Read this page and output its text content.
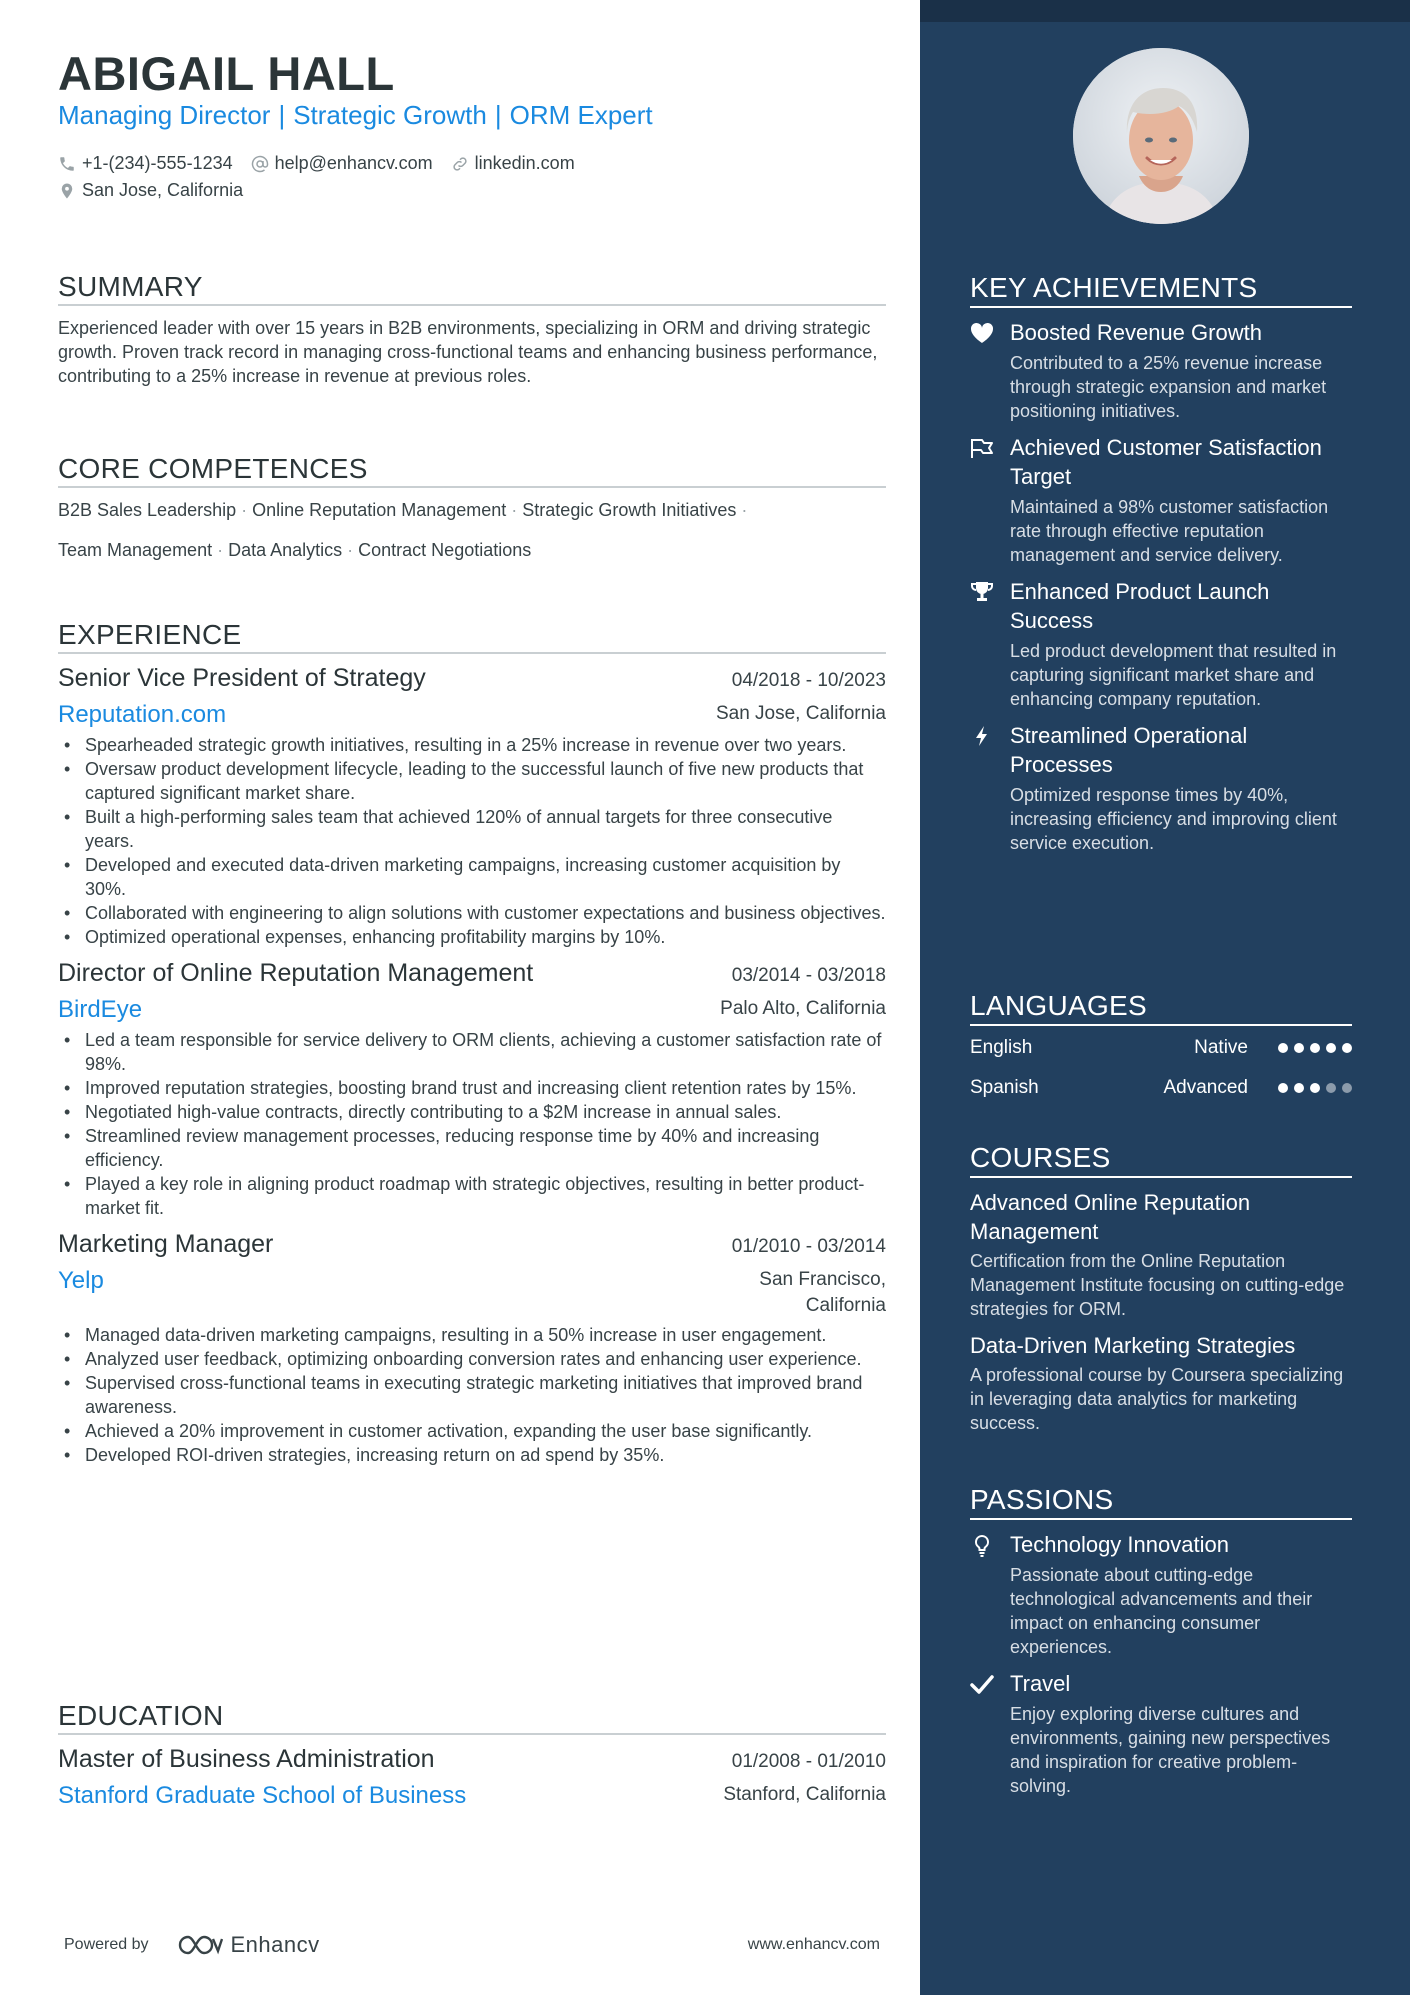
ABIGAIL HALL
Managing Director | Strategic Growth | ORM Expert
+1-(234)-555-1234 help@enhancv.com linkedin.com
San Jose, California
SUMMARY
Experienced leader with over 15 years in B2B environments, specializing in ORM and driving strategic growth. Proven track record in managing cross-functional teams and enhancing business performance, contributing to a 25% increase in revenue at previous roles.
CORE COMPETENCES
B2B Sales Leadership · Online Reputation Management · Strategic Growth Initiatives ·
Team Management · Data Analytics · Contract Negotiations
EXPERIENCE
Senior Vice President of Strategy	04/2018 - 10/2023
Reputation.com	San Jose, California
• Spearheaded strategic growth initiatives, resulting in a 25% increase in revenue over two years.
• Oversaw product development lifecycle, leading to the successful launch of five new products that captured significant market share.
• Built a high-performing sales team that achieved 120% of annual targets for three consecutive years.
• Developed and executed data-driven marketing campaigns, increasing customer acquisition by 30%.
• Collaborated with engineering to align solutions with customer expectations and business objectives.
• Optimized operational expenses, enhancing profitability margins by 10%.
Director of Online Reputation Management	03/2014 - 03/2018
BirdEye	Palo Alto, California
• Led a team responsible for service delivery to ORM clients, achieving a customer satisfaction rate of 98%.
• Improved reputation strategies, boosting brand trust and increasing client retention rates by 15%.
• Negotiated high-value contracts, directly contributing to a $2M increase in annual sales.
• Streamlined review management processes, reducing response time by 40% and increasing efficiency.
• Played a key role in aligning product roadmap with strategic objectives, resulting in better product-market fit.
Marketing Manager	01/2010 - 03/2014
Yelp	San Francisco,
California
• Managed data-driven marketing campaigns, resulting in a 50% increase in user engagement.
• Analyzed user feedback, optimizing onboarding conversion rates and enhancing user experience.
• Supervised cross-functional teams in executing strategic marketing initiatives that improved brand awareness.
• Achieved a 20% improvement in customer activation, expanding the user base significantly.
• Developed ROI-driven strategies, increasing return on ad spend by 35%.
EDUCATION
Master of Business Administration	01/2008 - 01/2010
Stanford Graduate School of Business	Stanford, California
Powered by	Enhancv	www.enhancv.com
KEY ACHIEVEMENTS
Boosted Revenue Growth
Contributed to a 25% revenue increase through strategic expansion and market positioning initiatives.
Achieved Customer Satisfaction Target
Maintained a 98% customer satisfaction rate through effective reputation management and service delivery.
Enhanced Product Launch Success
Led product development that resulted in capturing significant market share and enhancing company reputation.
Streamlined Operational Processes
Optimized response times by 40%, increasing efficiency and improving client service execution.
LANGUAGES
English	Native
Spanish	Advanced
COURSES
Advanced Online Reputation Management
Certification from the Online Reputation Management Institute focusing on cutting-edge strategies for ORM.
Data-Driven Marketing Strategies
A professional course by Coursera specializing in leveraging data analytics for marketing success.
PASSIONS
Technology Innovation
Passionate about cutting-edge technological advancements and their impact on enhancing consumer experiences.
Travel
Enjoy exploring diverse cultures and environments, gaining new perspectives and inspiration for creative problem-solving.
